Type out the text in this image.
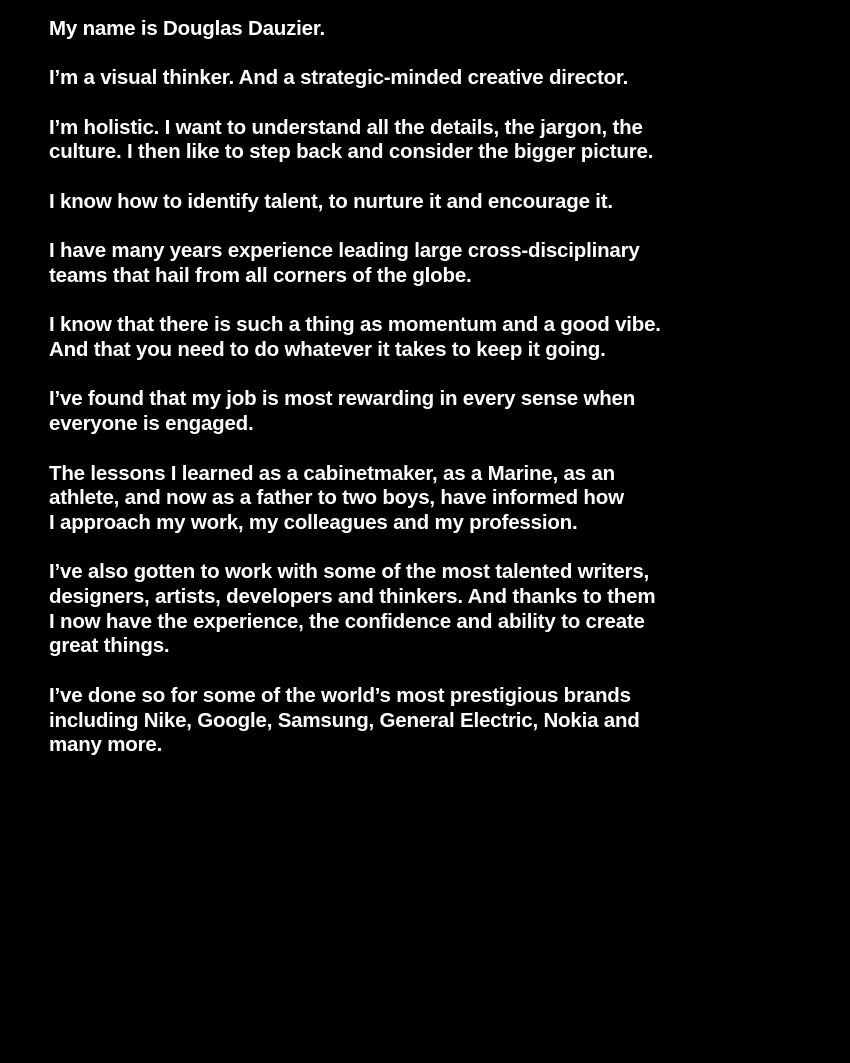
My name is Douglas Dauzier.

I’m a visual thinker. And a strategic-minded creative director.

I’m holistic. I want to understand all the details, the jargon, the
culture. I then like to step back and consider the bigger picture.

I know how to identify talent, to nurture it and encourage it.

I have many years experience leading large cross-disciplinary
teams that hail from all corners of the globe.

I know that there is such a thing as momentum and a good vibe.
And that you need to do whatever it takes to keep it going.

I’ve found that my job is most rewarding in every sense when
everyone is engaged.

The lessons I learned as a cabinetmaker, as a Marine, as an
athlete, and now as a father to two boys, have informed how
I approach my work, my colleagues and my profession.

I’ve also gotten to work with some of the most talented writers,
designers, artists, developers and thinkers. And thanks to them
I now have the experience, the confidence and ability to create
great things.

I’ve done so for some of the world’s most prestigious brands
including Nike, Google, Samsung, General Electric, Nokia and
many more.
